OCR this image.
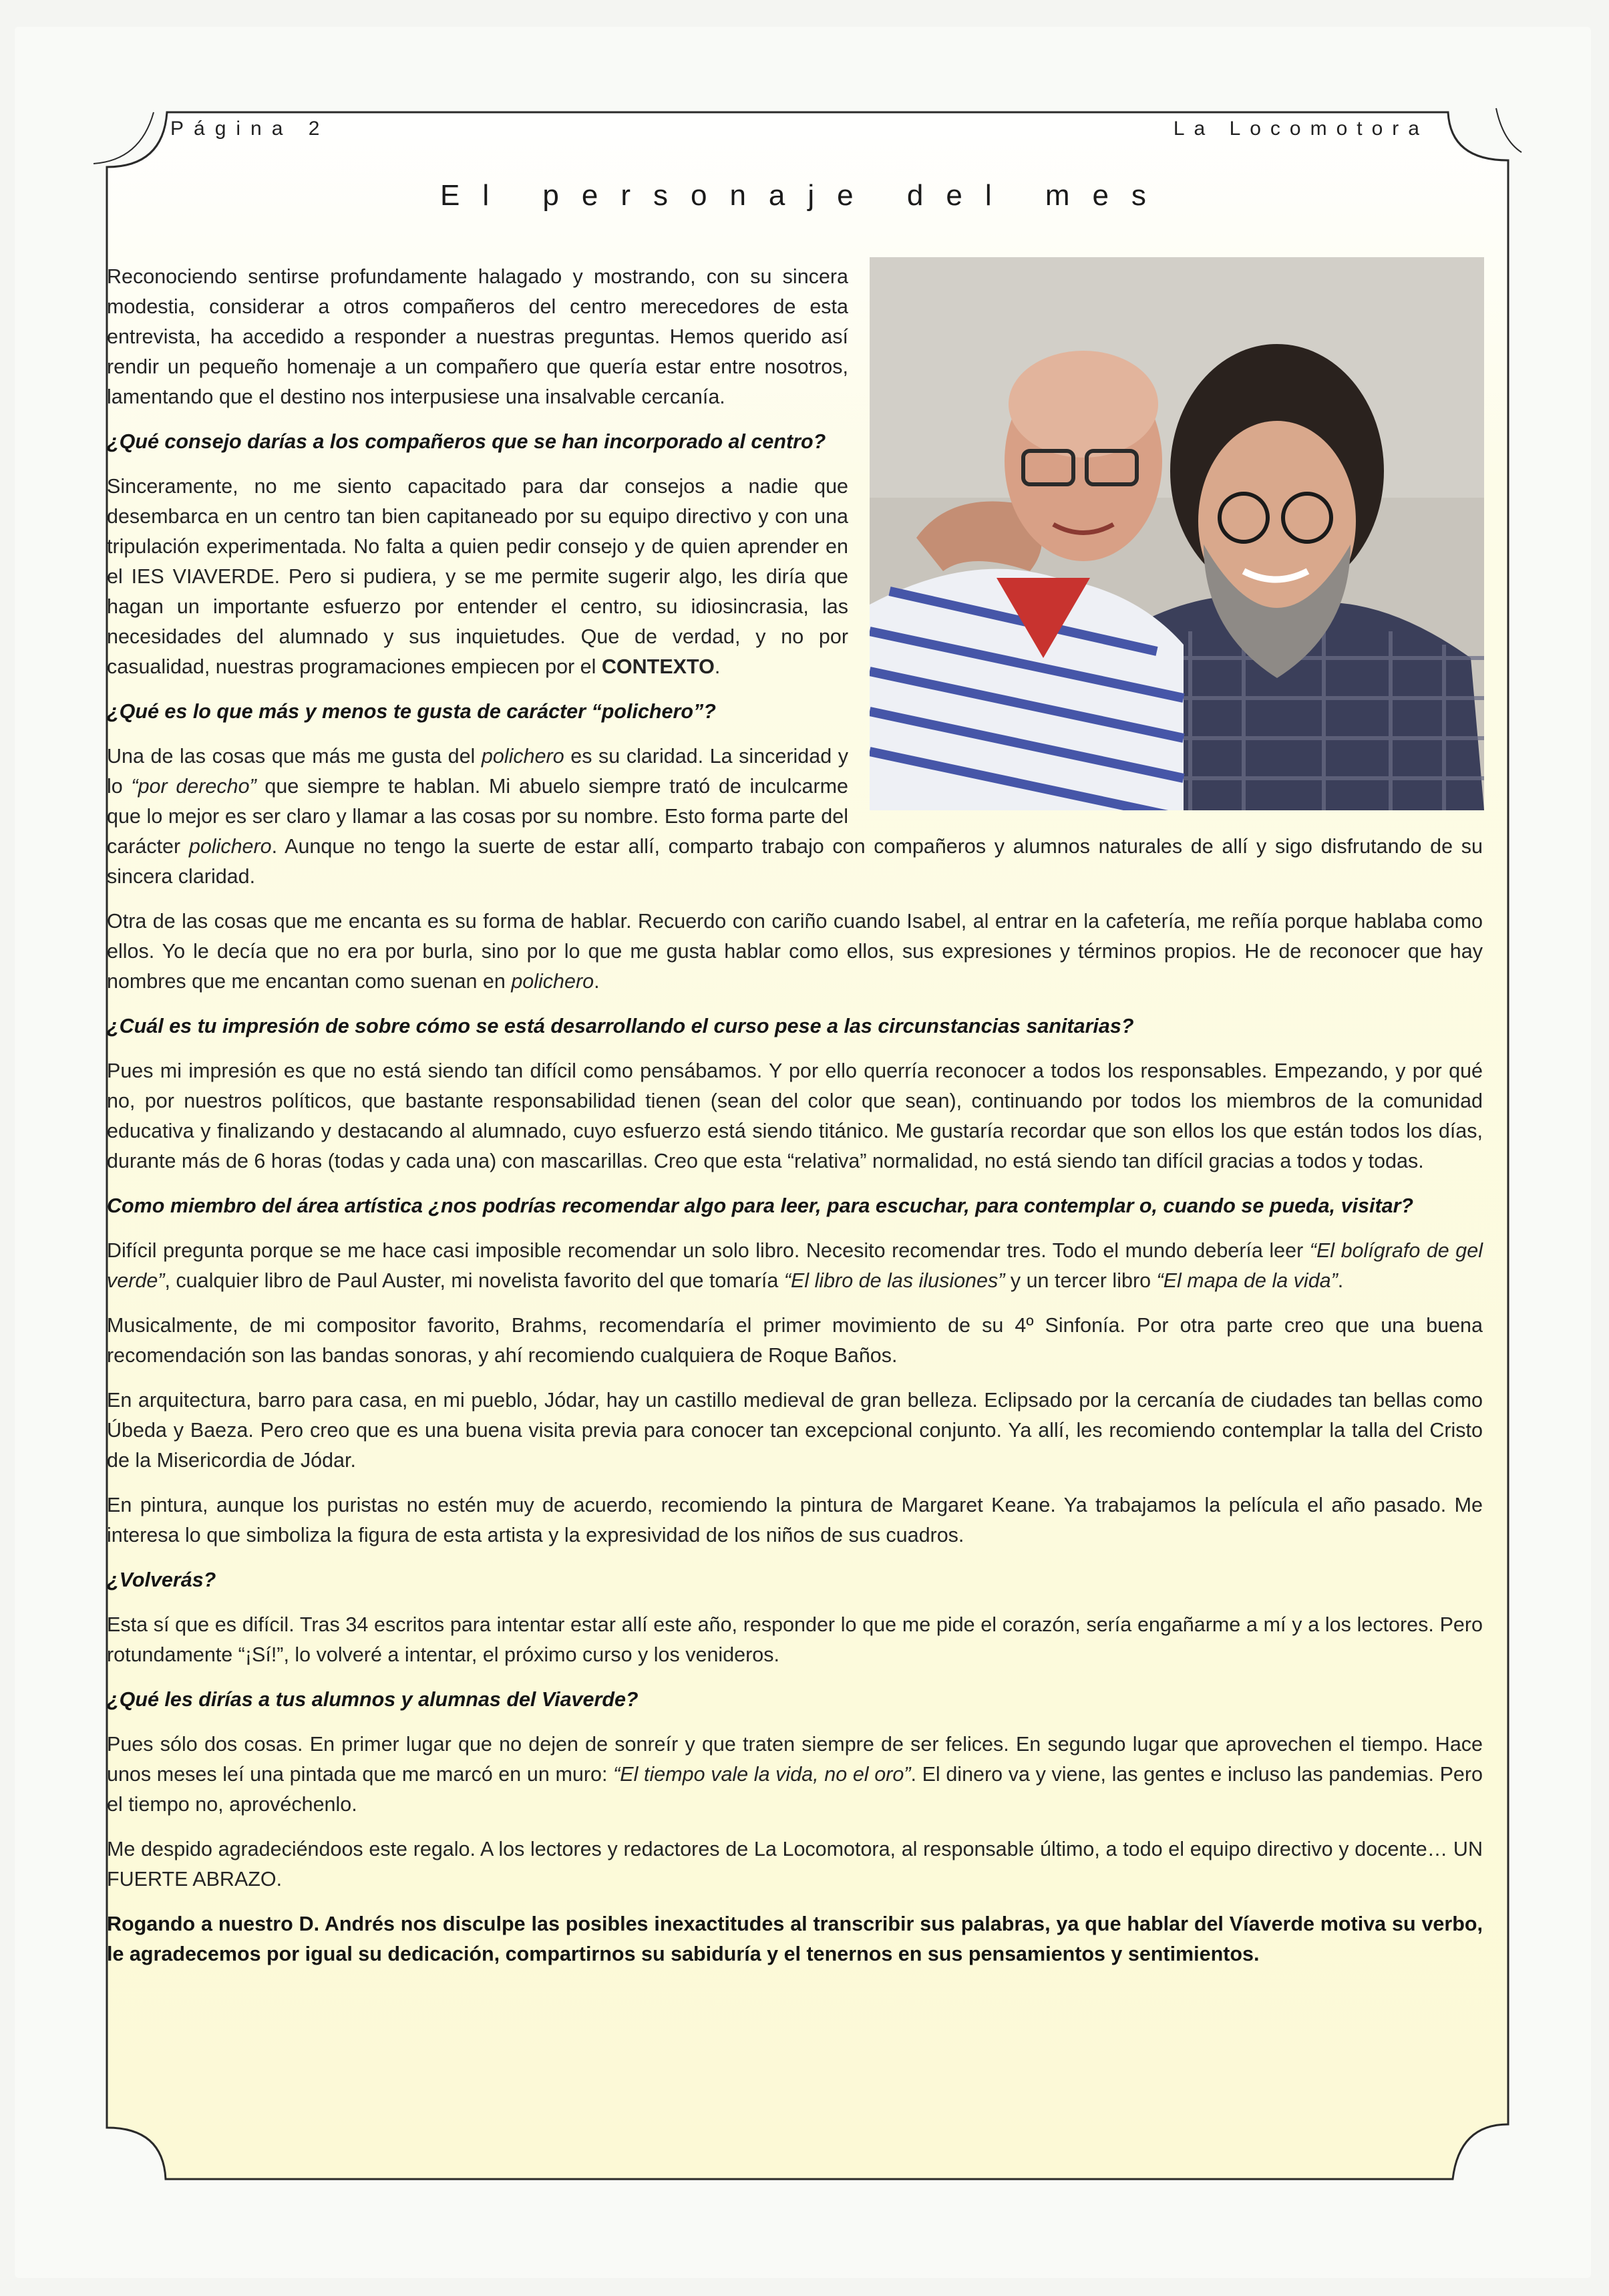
Página 2	La Locomotora
El personaje del mes

Reconociendo sentirse profundamente halagado y mostrando, con su sincera modestia, considerar a otros compañeros del centro merecedores de esta entrevista, ha accedido a responder a nuestras preguntas. Hemos querido así rendir un pequeño homenaje a un compañero que quería estar entre nosotros, lamentando que el destino nos interpusiese una insalvable cercanía.

¿Qué consejo darías a los compañeros que se han incorporado al centro?

Sinceramente, no me siento capacitado para dar consejos a nadie que desembarca en un centro tan bien capitaneado por su equipo directivo y con una tripulación experimentada. No falta a quien pedir consejo y de quien aprender en el IES VIAVERDE. Pero si pudiera, y se me permite sugerir algo, les diría que hagan un importante esfuerzo por entender el centro, su idiosincrasia, las necesidades del alumnado y sus inquietudes. Que de verdad, y no por casualidad, nuestras programaciones empiecen por el CONTEXTO.

¿Qué es lo que más y menos te gusta de carácter “polichero”?

Una de las cosas que más me gusta del polichero es su claridad. La sinceridad y lo “por derecho” que siempre te hablan. Mi abuelo siempre trató de inculcarme que lo mejor es ser claro y llamar a las cosas por su nombre. Esto forma parte del carácter polichero. Aunque no tengo la suerte de estar allí, comparto trabajo con compañeros y alumnos naturales de allí y sigo disfrutando de su sincera claridad.

Otra de las cosas que me encanta es su forma de hablar. Recuerdo con cariño cuando Isabel, al entrar en la cafetería, me reñía porque hablaba como ellos. Yo le decía que no era por burla, sino por lo que me gusta hablar como ellos, sus expresiones y términos propios. He de reconocer que hay nombres que me encantan como suenan en polichero.

¿Cuál es tu impresión de sobre cómo se está desarrollando el curso pese a las circunstancias sanitarias?

Pues mi impresión es que no está siendo tan difícil como pensábamos. Y por ello querría reconocer a todos los responsables. Empezando, y por qué no, por nuestros políticos, que bastante responsabilidad tienen (sean del color que sean), continuando por todos los miembros de la comunidad educativa y finalizando y destacando al alumnado, cuyo esfuerzo está siendo titánico. Me gustaría recordar que son ellos los que están todos los días, durante más de 6 horas (todas y cada una) con mascarillas. Creo que esta “relativa” normalidad, no está siendo tan difícil gracias a todos y todas.

Como miembro del área artística ¿nos podrías recomendar algo para leer, para escuchar, para contemplar o, cuando se pueda, visitar?

Difícil pregunta porque se me hace casi imposible recomendar un solo libro. Necesito recomendar tres. Todo el mundo debería leer “El bolígrafo de gel verde”, cualquier libro de Paul Auster, mi novelista favorito del que tomaría “El libro de las ilusiones” y un tercer libro “El mapa de la vida”.

Musicalmente, de mi compositor favorito, Brahms, recomendaría el primer movimiento de su 4º Sinfonía. Por otra parte creo que una buena recomendación son las bandas sonoras, y ahí recomiendo cualquiera de Roque Baños.

En arquitectura, barro para casa, en mi pueblo, Jódar, hay un castillo medieval de gran belleza. Eclipsado por la cercanía de ciudades tan bellas como Úbeda y Baeza. Pero creo que es una buena visita previa para conocer tan excepcional conjunto. Ya allí, les recomiendo contemplar la talla del Cristo de la Misericordia de Jódar.

En pintura, aunque los puristas no estén muy de acuerdo, recomiendo la pintura de Margaret Keane. Ya trabajamos la película el año pasado. Me interesa lo que simboliza la figura de esta artista y la expresividad de los niños de sus cuadros.

¿Volverás?

Esta sí que es difícil. Tras 34 escritos para intentar estar allí este año, responder lo que me pide el corazón, sería engañarme a mí y a los lectores. Pero rotundamente “¡Sí!”, lo volveré a intentar, el próximo curso y los venideros.

¿Qué les dirías a tus alumnos y alumnas del Viaverde?

Pues sólo dos cosas. En primer lugar que no dejen de sonreír y que traten siempre de ser felices. En segundo lugar que aprovechen el tiempo. Hace unos meses leí una pintada que me marcó en un muro: “El tiempo vale la vida, no el oro”. El dinero va y viene, las gentes e incluso las pandemias. Pero el tiempo no, aprovéchenlo.

Me despido agradeciéndoos este regalo. A los lectores y redactores de La Locomotora, al responsable último, a todo el equipo directivo y docente… UN FUERTE ABRAZO.

Rogando a nuestro D. Andrés nos disculpe las posibles inexactitudes al transcribir sus palabras, ya que hablar del Víaverde motiva su verbo, le agradecemos por igual su dedicación, compartirnos su sabiduría y el tenernos en sus pensamientos y sentimientos.
